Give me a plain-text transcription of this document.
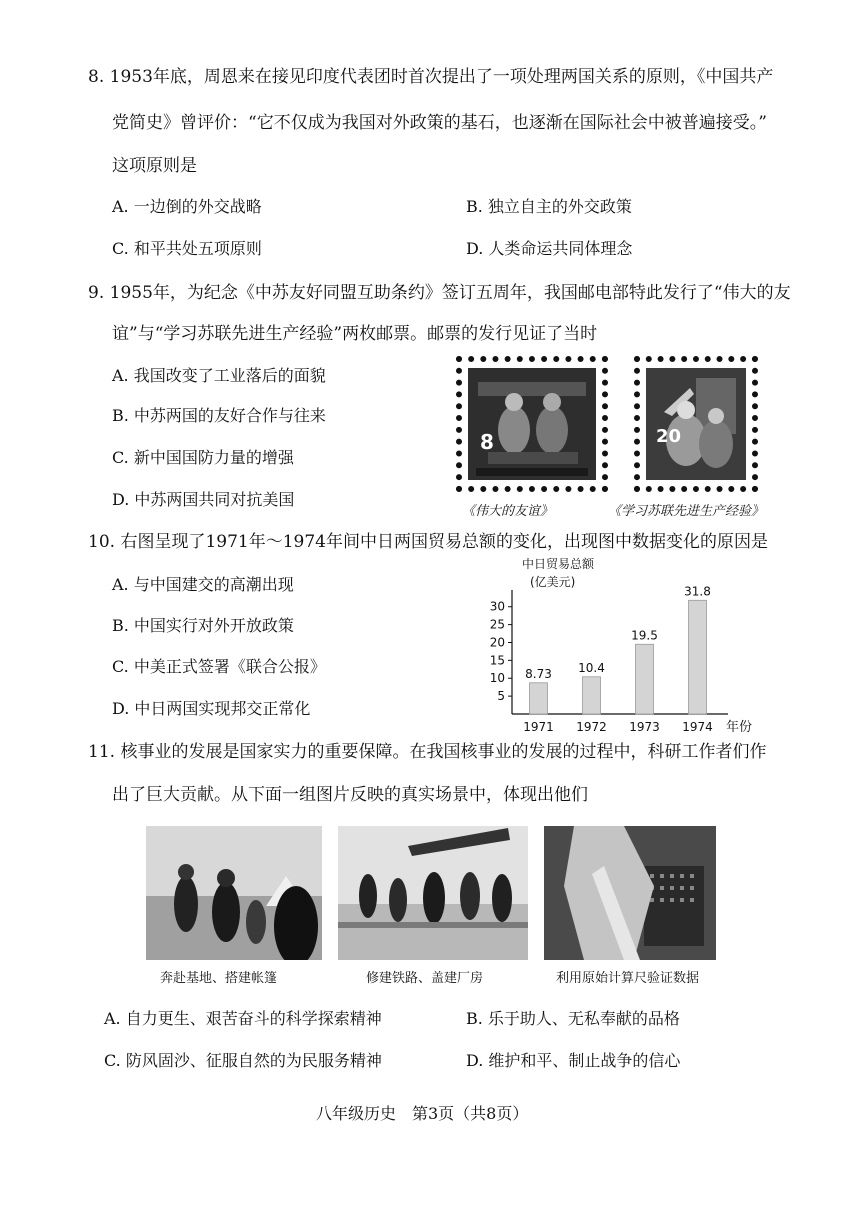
8. 1953年底，周恩来在接见印度代表团时首次提出了一项处理两国关系的原则，《中国共产
党简史》曾评价：“它不仅成为我国对外政策的基石，也逐渐在国际社会中被普遍接受。”
这项原则是
A. 一边倒的外交战略	B. 独立自主的外交政策
C. 和平共处五项原则	D. 人类命运共同体理念
9. 1955年，为纪念《中苏友好同盟互助条约》签订五周年，我国邮电部特此发行了“伟大的友
谊”与“学习苏联先进生产经验”两枚邮票。邮票的发行见证了当时
A. 我国改变了工业落后的面貌
B. 中苏两国的友好合作与往来
C. 新中国国防力量的增强
D. 中苏两国共同对抗美国
8	20
《伟大的友谊》	《学习苏联先进生产经验》
10. 右图呈现了1971年～1974年间中日两国贸易总额的变化，出现图中数据变化的原因是
A. 与中国建交的高潮出现
B. 中国实行对外开放政策
C. 中美正式签署《联合公报》
D. 中日两国实现邦交正常化
中日贸易总额
(亿美元)
年份
5
10
15
20
25
30
8.73
1971
10.4
1972
19.5
1973
31.8
1974
11. 核事业的发展是国家实力的重要保障。在我国核事业的发展的过程中，科研工作者们作
出了巨大贡献。从下面一组图片反映的真实场景中，体现出他们
奔赴基地、搭建帐篷	修建铁路、盖建厂房	利用原始计算尺验证数据
A. 自力更生、艰苦奋斗的科学探索精神	B. 乐于助人、无私奉献的品格
C. 防风固沙、征服自然的为民服务精神	D. 维护和平、制止战争的信心
八年级历史　第3页（共8页）
